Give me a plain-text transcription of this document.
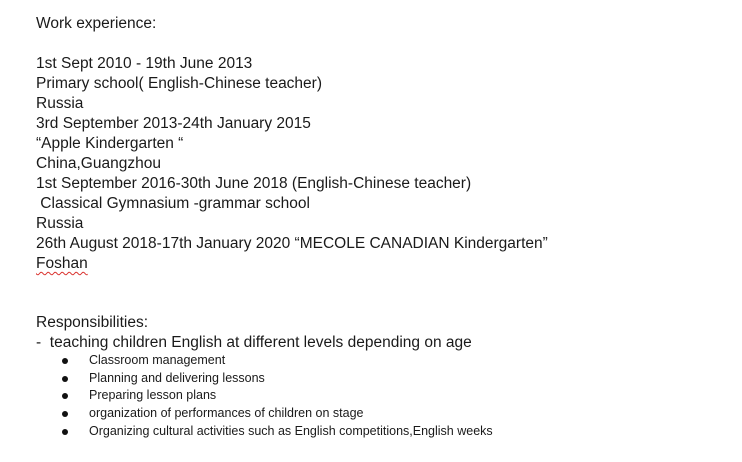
Work experience:

1st Sept 2010 - 19th June 2013

Primary school( English-Chinese teacher)

Russia

3rd September 2013-24th January 2015

“Apple Kindergarten “

China,Guangzhou

1st September 2016-30th June 2018 (English-Chinese teacher)

Classical Gymnasium -grammar school

Russia

26th August 2018-17th January 2020 “MECOLE CANADIAN Kindergarten”

Foshan

Responsibilities:

-  teaching children English at different levels depending on age

Classroom management
Planning and delivering lessons
Preparing lesson plans
organization of performances of children on stage
Organizing cultural activities such as English competitions,English weeks
